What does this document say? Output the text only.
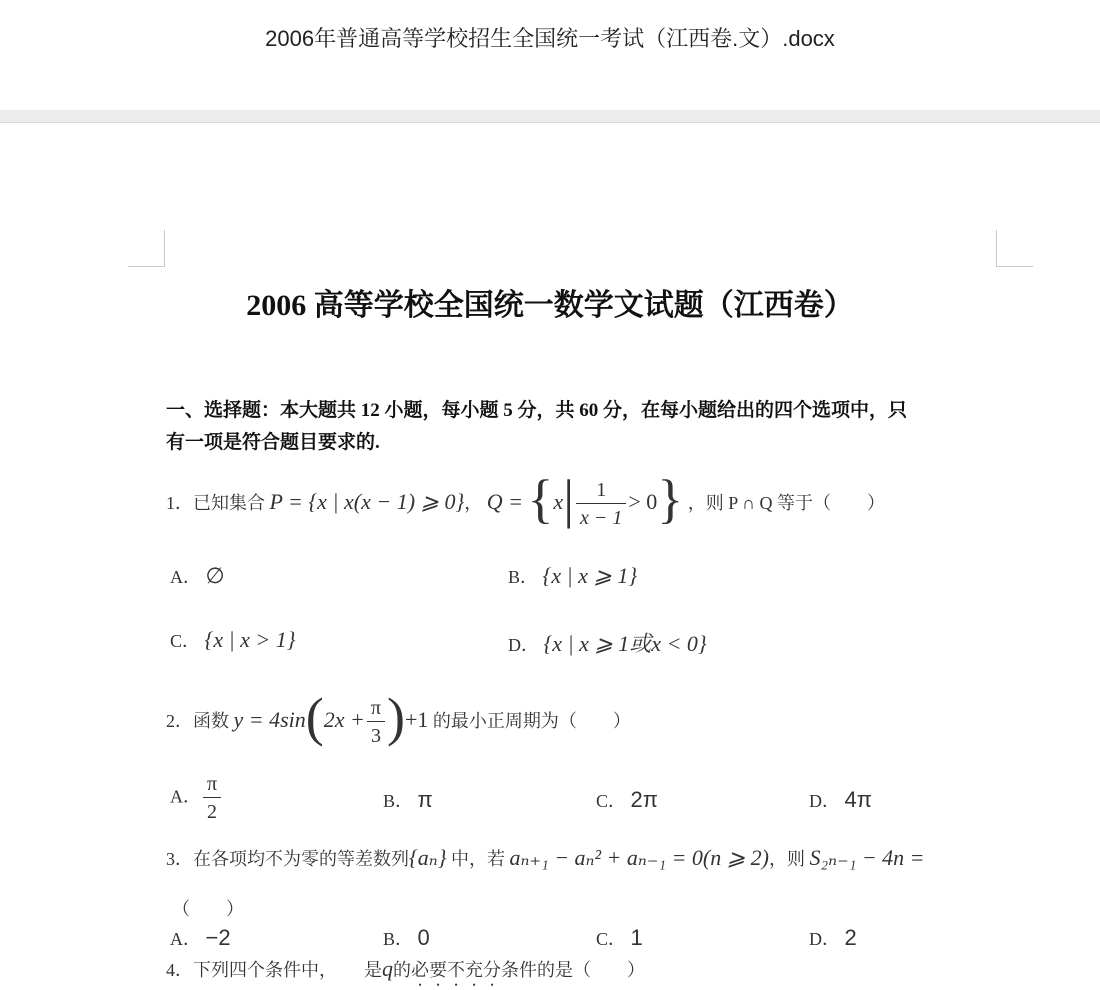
2006年普通高等学校招生全国统一考试（江西卷.文）.docx
2006 高等学校全国统一数学文试题（江西卷）
一、选择题：本大题共 12 小题，每小题 5 分，共 60 分，在每小题给出的四个选项中，只
有一项是符合题目要求的.
1．已知集合 P = {x | x(x − 1) ⩾ 0}， $Q = \{x| \frac{1}{x - 1} > 0\}$ ，则 P ∩ Q 等于（　　）
A． ∅	B． {x | x ⩾ 1}
C． {x | x > 1}	D． {x | x ⩾ 1或x < 0}
2．函数 $y = 4\sin(2x + \frac{\pi}{3} )+1$ 的最小正周期为（　　）
A． $\frac{\pi}{2}$	B． π	C． 2π	D． 4π
3．在各项均不为零的等差数列{aₙ} 中，若 aₙ₊₁ − aₙ² + aₙ₋₁ = 0(n ⩾ 2)，则 S₂ₙ₋₁ − 4n =
（　　）
A． −2	B． 0	C． 1	D． 2
4．下列四个条件中，　　 是q的必要不充分条件的是（　　）
